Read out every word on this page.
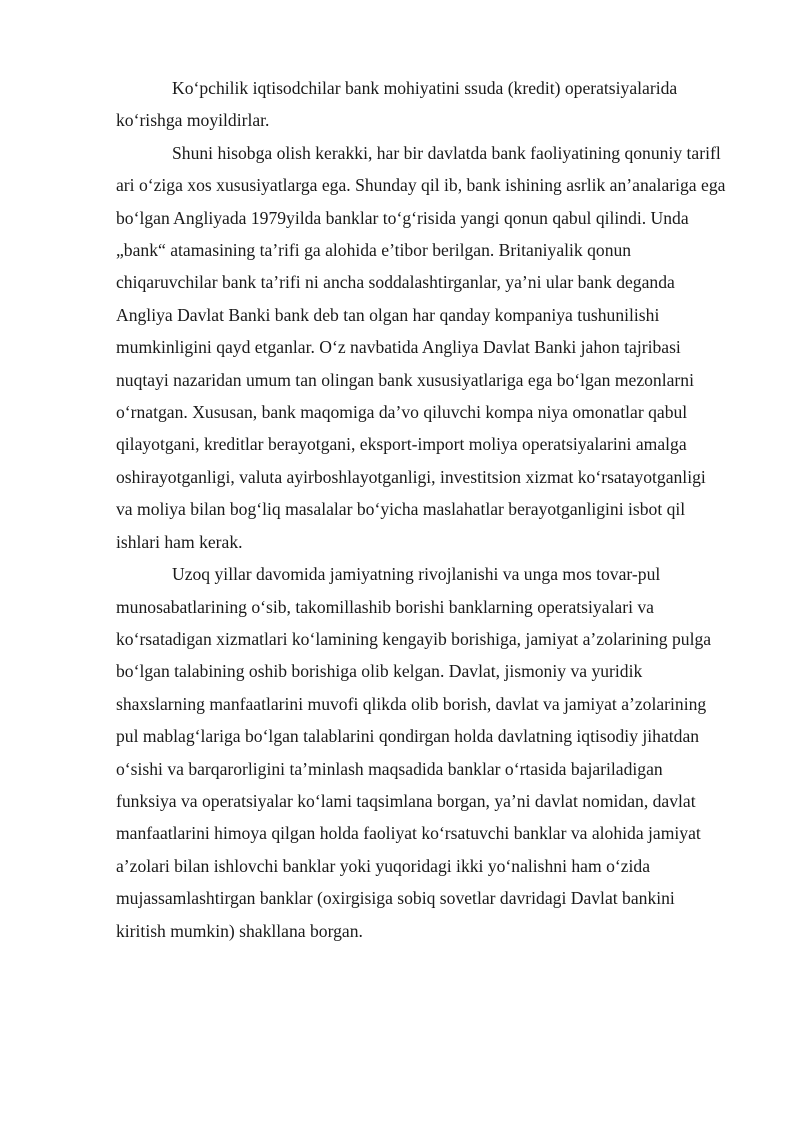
Koʻpchilik iqtisodchilar bank mohiyatini ssuda (kredit) operatsiyalarida koʻrishga moyildirlar.

Shuni hisobga olish kerakki, har bir davlatda bank faoliyatining qonuniy tarifl ari oʻziga xos xususiyatlarga ega. Shunday qil ib, bank ishining asrlik an’analariga ega boʻlgan Angliyada 1979yilda banklar toʻgʻrisida yangi qonun qabul qilindi. Unda „bank“ atamasining ta’rifi ga alohida e’tibor berilgan. Britaniyalik qonun chiqaruvchilar bank ta’rifi ni ancha soddalashtirganlar, ya’ni ular bank deganda Angliya Davlat Banki bank deb tan olgan har qanday kompaniya tushunilishi mumkinligini qayd etganlar. Oʻz navbatida Angliya Davlat Banki jahon tajribasi nuqtayi nazaridan umum tan olingan bank xususiyatlariga ega boʻlgan mezonlarni oʻrnatgan. Xususan, bank maqomiga da’vo qiluvchi kompa niya omonatlar qabul qilayotgani, kreditlar berayotgani, eksport-import moliya operatsiyalarini amalga oshirayotganligi, valuta ayirboshlayotganligi, investitsion xizmat koʻrsatayotganligi va moliya bilan bogʻliq masalalar boʻyicha maslahatlar berayotganligini isbot qil ishlari ham kerak.

Uzoq yillar davomida jamiyatning rivojlanishi va unga mos tovar-pul munosabatlarining oʻsib, takomillashib borishi banklarning operatsiyalari va koʻrsatadigan xizmatlari koʻlamining kengayib borishiga, jamiyat a’zolarining pulga boʻlgan talabining oshib borishiga olib kelgan. Davlat, jismoniy va yuridik shaxslarning manfaatlarini muvofi qlikda olib borish, davlat va jamiyat a’zolarining pul mablagʻlariga boʻlgan talablarini qondirgan holda davlatning iqtisodiy jihatdan oʻsishi va barqarorligini ta’minlash maqsadida banklar oʻrtasida bajariladigan funksiya va operatsiyalar koʻlami taqsimlana borgan, ya’ni davlat nomidan, davlat manfaatlarini himoya qilgan holda faoliyat koʻrsatuvchi banklar va alohida jamiyat a’zolari bilan ishlovchi banklar yoki yuqoridagi ikki yoʻnalishni ham oʻzida mujassamlashtirgan banklar (oxirgisiga sobiq sovetlar davridagi Davlat bankini kiritish mumkin) shakllana borgan.
